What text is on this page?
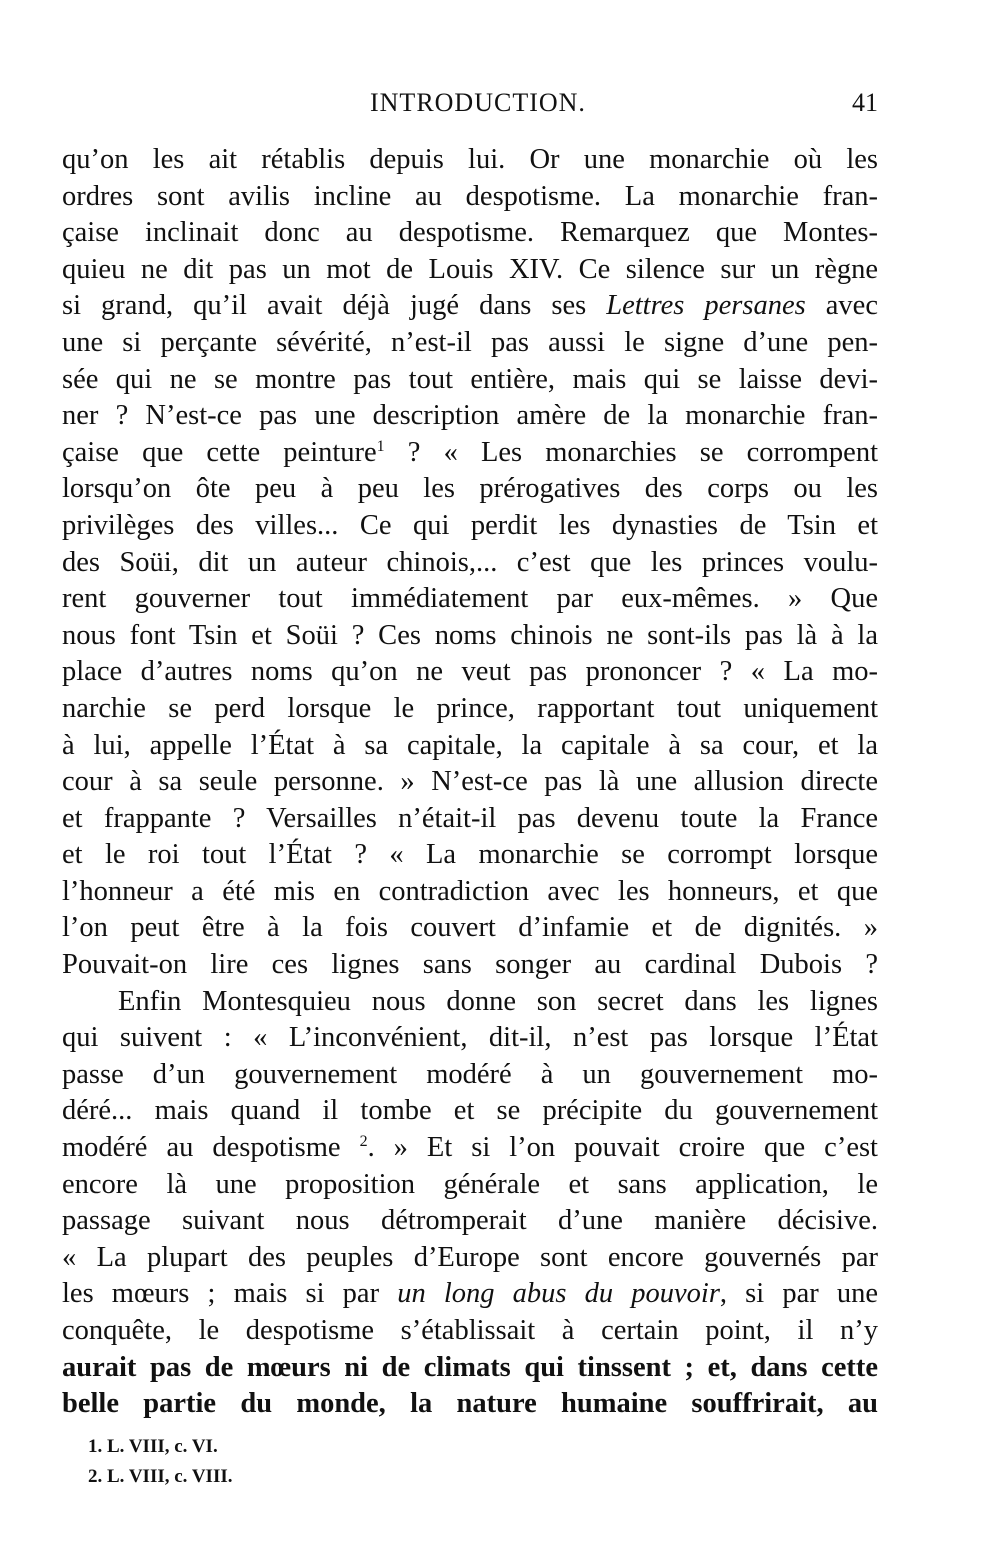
INTRODUCTION.	41
qu’on les ait rétablis depuis lui. Or une monarchie où les
ordres sont avilis incline au despotisme. La monarchie fran-
çaise inclinait donc au despotisme. Remarquez que Montes-
quieu ne dit pas un mot de Louis XIV. Ce silence sur un règne
si grand, qu’il avait déjà jugé dans ses Lettres persanes avec
une si perçante sévérité, n’est-il pas aussi le signe d’une pen-
sée qui ne se montre pas tout entière, mais qui se laisse devi-
ner ? N’est-ce pas une description amère de la monarchie fran-
çaise que cette peinture$^1$ ? « Les monarchies se corrompent
lorsqu’on ôte peu à peu les prérogatives des corps ou les
privilèges des villes... Ce qui perdit les dynasties de Tsin et
des Soüi, dit un auteur chinois,... c’est que les princes voulu-
rent gouverner tout immédiatement par eux-mêmes. » Que
nous font Tsin et Soüi ? Ces noms chinois ne sont-ils pas là à la
place d’autres noms qu’on ne veut pas prononcer ? « La mo-
narchie se perd lorsque le prince, rapportant tout uniquement
à lui, appelle l’État à sa capitale, la capitale à sa cour, et la
cour à sa seule personne. » N’est-ce pas là une allusion directe
et frappante ? Versailles n’était-il pas devenu toute la France
et le roi tout l’État ? « La monarchie se corrompt lorsque
l’honneur a été mis en contradiction avec les honneurs, et que
l’on peut être à la fois couvert d’infamie et de dignités. »
Pouvait-on lire ces lignes sans songer au cardinal Dubois ?
Enfin Montesquieu nous donne son secret dans les lignes
qui suivent : « L’inconvénient, dit-il, n’est pas lorsque l’État
passe d’un gouvernement modéré à un gouvernement mo-
déré... mais quand il tombe et se précipite du gouvernement
modéré au despotisme $^2$. » Et si l’on pouvait croire que c’est
encore là une proposition générale et sans application, le
passage suivant nous détromperait d’une manière décisive.
« La plupart des peuples d’Europe sont encore gouvernés par
les mœurs ; mais si par un long abus du pouvoir, si par une
conquête, le despotisme s’établissait à certain point, il n’y
aurait pas de mœurs ni de climats qui tinssent ; et, dans cette
belle partie du monde, la nature humaine souffrirait, au
1. L. VIII, c. VI.
2. L. VIII, c. VIII.
